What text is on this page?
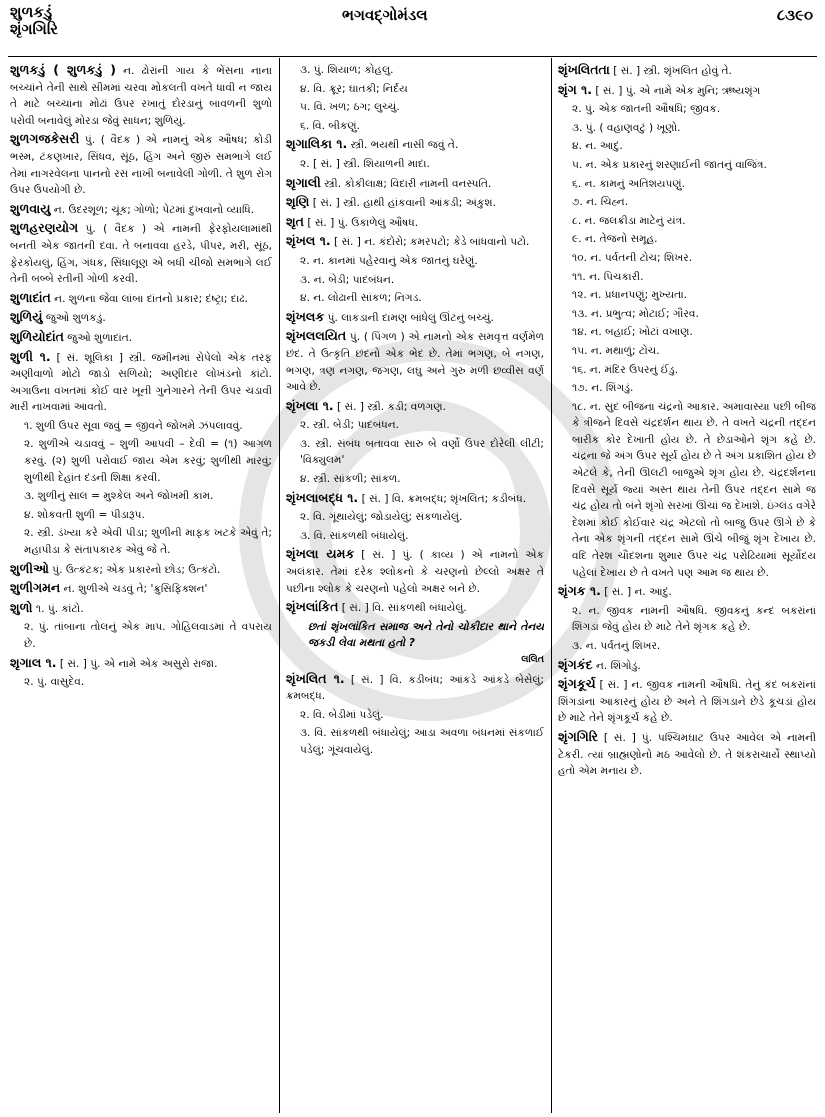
શુળકડું
શૃંગગિરિ
ભગવદ્ગોમંડલ	૮૩૯૦
શુળકડું ( શુળકડું ) ન. ઢોરાંની ગાય કે ભેંસના નાના બચ્ચાંને તેની સાથે સીમમાં ચરવા મોકલતી વખતે ધાવી ન જાય તે માટે બચ્ચાંના મોઢાં ઉપર રખાતું દોરડાનું બાવળની શુળો પરોવી બનાવેલું મોરડા જેવું સાધન; શુળિયું.
શુળગજકેસરી પું. ( વૈદક ) એ નામનું એક ઔષધ; કોડી ભસ્મ, ટંકણખાર, સિંધવ, સૂંઠ, હિંગ અને જીરું સમભાગે લઈ તેમાં નાગરવેલના પાનનો રસ નાખી બનાવેલી ગોળી. તે શુળ રોગ ઉપર ઉપયોગી છે.
શુળવાયુ ન. ઉદરશૂળ; ચૂંક; ગોળો; પેટમાં દુખવાનો વ્યાધિ.
શુળહરણયોગ પું. ( વૈદક ) એ નામની ફેરફોયલામાંથી બનતી એક જાતની દવા. તે બનાવવા હરડે, પીપર, મરી, સૂંઠ, ફેરકોયલું, હિંગ, ગંધક, સિંધાલૂણ એ બધી ચીજો સમભાગે લઈ તેની બબ્બે રતીની ગોળી કરવી.
શુળાદાંત ન. શુળના જેવા લાંબા દાંતનો પ્રકાર; દંષ્ટ્રા; દાઢ.
શુળિયું જુઓ શુળકડું.
શુળિયોદાંત જુઓ શુળાદાંત.
શુળી ૧. [ સં. શૂલિકા ] સ્ત્રી. જમીનમાં રોપેલો એક તરફ અણીવાળો મોટો જાડો સળિયો; અણીદાર લોખંડનો કાંટો. અગાઉના વખતમાં કોઈ વાર ખૂની ગુનેગારને તેની ઉપર ચડાવી મારી નાખવામાં આવતો.
૧. શુળી ઉપર સૂવા જવું = જીવને જોખમે ઝંપલાવવું.
૨. શુળીએ ચડાવવું – શુળી આપવી – દેવી = (૧) આગળ કરવું. (૨) શુળી પરોવાઈ જાય એમ કરવું; શુળીથી મારવું; શુળીથી દેહાંત દંડની શિક્ષા કરવી.
૩. શુળીનું સાલ = મુશ્કેલ અને જોખમી કામ.
૪. શોકવતી શુળી = પીડારૂપ.
૨. સ્ત્રી. ડંખ્યા કરે એવી પીડા; શુળીની માફક ખટકે એવું તે; મહાપીડા કે સંતાપકારક એવું જે તે.
શુળીઓ પું. ઉત્કંટક; એક પ્રકારનો છોડ; ઉત્કંટો.
શુળીગમન ન. શુળીએ ચડવું તે; 'ક્રુસિફિક્શન'
શુળો ૧. પું. કાંટો.
૨. પું. તાંબાના તોલનું એક માપ. ગોહિલવાડમાં તે વપરાય છે.
શૃગાલ ૧. [ સં. ] પું. એ નામે એક અસુરો રાજા.
૨. પું. વાસુદેવ.
૩. પું. શિયાળ; કોહલુ.
૪. વિ. ક્રૂર; ઘાતકી; નિર્દય
૫. વિ. ખળ; ઠગ; લુચ્ચું.
૬. વિ. બીકણું.
શૃગાલિકા ૧. સ્ત્રી. ભયથી નાસી જવું તે.
૨. [ સં. ] સ્ત્રી. શિયાળની માદા.
શૃગાલી સ્ત્રી. કોકીલાક્ષ; વિદારી નામની વનસ્પતિ.
શૃણિ [ સં. ] સ્ત્રી. હાથી હાંકવાની આંકડી; અંકુશ.
શૃત [ સં. ] પું. ઉકાળેલું ઔષધ.
શૃંખલ ૧. [ સં. ] ન. કંદોરો; કમરપટો; કેડે બાંધવાનો પટો.
૨. ન. કાનમાં પહેરવાનું એક જાતનું ઘરેણું.
૩. ન. બેડી; પાદબંધન.
૪. ન. લોઢાની સાંકળ; નિગડ.
શૃંખલક પું. લાકડાની દામણ બાંધેલું ઊંટનું બચ્ચું.
શૃંખલલયિત પું. ( પિંગળ ) એ નામનો એક સમવૃત્ત વર્ણમેળ છંદ. તે ઉત્કૃતિ છંદનો એક ભેદ છે. તેમાં ભગણ, બે નગણ, ભગણ, ત્રણ નગણ, જગણ, લઘુ અને ગુરુ મળી છવ્વીસ વર્ણ આવે છે.
શૃંખલા ૧. [ સં. ] સ્ત્રી. કડી; વળગણ.
૨. સ્ત્રી. બેડી; પાદબંધન.
૩. સ્ત્રી. સંબંધ બતાવવા સારુ બે વર્ણો ઉપર દોરેલી લીટી; 'વિક્યુલમ'
૪. સ્ત્રી. સાંકળી; સાંકળ.
શૃંખલાબદ્ધ ૧. [ સં. ] વિ. ક્રમબદ્ધ; શૃંખલિત; કડીબંધ.
૨. વિ. ગૂંથાયેલું; જોડાયેલું; સંકળાયેલું.
૩. વિ. સાંકળથી બંધાયેલું.
શૃંખલા યમક [ સં. ] પું. ( કાવ્ય ) એ નામનો એક અલંકાર. તેમાં દરેક શ્લોકનો કે ચરણનો છેલ્લો અક્ષર તે પછીના શ્લોક કે ચરણનો પહેલો અક્ષર બને છે.
શૃંખલાંકિત [ સં. ] વિ. સાંકળથી બંધાયેલું.
છતાં શૃંખલાંકિત સમાજ અને તેનો ચોકીદાર થાને તેનય જકડી લેવા મથતા હતો ?
લલિત
શૃંખલિત ૧. [ સં. ] વિ. કડીબંધ; આંકડે આંકડે બેસેલું; ક્રમબદ્ધ.
૨. વિ. બેડીમાં પડેલું.
૩. વિ. સાંકળથી બંધાયેલું; આડા અવળા બંધનમાં સંકળાઈ પડેલું; ગૂંચવાયેલું.
શૃંખલિતતા [ સં. ] સ્ત્રી. શૃંખલિત હોવું તે.
શૃંગ ૧. [ સં. ] પું. એ નામે એક મુનિ; ઋષ્યશૃંગ
૨. પું. એક જાતની ઔષધિ; જીવક.
૩. પું. ( વહાણવટું ) ખૂણો.
૪. ન. આદું.
૫. ન. એક પ્રકારનું શરણાઈની જાતનું વાજિંત્ર.
૬. ન. કામનું અતિશયપણું.
૭. ન. ચિહ્ન.
૮. ન. જલક્રીડા માટેનું યંત્ર.
૯. ન. તેજનો સમૂહ.
૧૦. ન. પર્વતની ટોચ; શિખર.
૧૧. ન. પિચકારી.
૧૨. ન. પ્રધાનપણું; મુખ્યતા.
૧૩. ન. પ્રભુત્વ; મોટાઈ; ગૌરવ.
૧૪. ન. બહાઈ; ખોટાં વખાણ.
૧૫. ન. મથાળું; ટોચ.
૧૬. ન. મંદિર ઉપરનું ઈંડુ.
૧૭. ન. શિંગડું.
૧૮. ન. સુદ બીજના ચંદ્રનો આકાર. અમાવાસ્યા પછી બીજ કે ત્રીજને દિવસે ચંદ્રદર્શન થાય છે. તે વખતે ચંદ્રની તદ્દન બારીક કોર દેખાતી હોય છે. તે છેડાઓને શૃંગ કહે છે. ચંદ્રના જે અંગ ઉપર સૂર્ય હોય છે તે અંગ પ્રકાશિત હોય છે એટલે કે, તેની ઊલટી બાજુએ શૃંગ હોય છે. ચંદ્રદર્શનના દિવસે સૂર્ય જ્યાં અસ્ત થાય તેની ઉપર તદ્દન સામે જ ચંદ્ર હોય તો બંને શૃંગો સરખાં ઊંચાં જ દેખાશે. ઇંગ્લંડ વગેરે દેશમાં કોઈ કોઈવાર ચંદ્ર એટલો તો બાજુ ઉપર ઊગે છે કે તેના એક શૃંગની તદ્દન સામે ઊંચે બીજું શૃંગ દેખાય છે. વદિ તેરશ ચૌદશના શુમાર ઉપર ચંદ્ર પરોઢિયામાં સૂર્યોદય પહેલાં દેખાય છે તે વખતે પણ આમ જ થાય છે.
શૃંગક ૧. [ સં. ] ન. આદું.
૨. ન. જીવક નામની ઔષધિ. જીવકનું કન્દ બકરાંનાં શિંગડાં જેવું હોય છે માટે તેને શૃંગક કહે છે.
૩. ન. પર્વતનું શિખર.
શૃંગકંદ ન. શિંગોડું.
શૃંગકૂર્ચ [ સં. ] ન. જીવક નામની ઔષધિ. તેનું કંદ બકરાંનાં શિંગડાંના આકારનું હોય છે અને તે શિંગડાને છેડે કૂચડાં હોય છે માટે તેને શૃંગકૂર્ચ કહે છે.
શૃંગગિરિ [ સં. ] પું. પશ્ચિમઘાટ ઉપર આવેલ એ નામની ટેકરી. ત્યાં બ્રાહ્મણોનો મઠ આવેલો છે. તે શંકરાચાર્યે સ્થાપ્યો હતો એમ મનાય છે.
